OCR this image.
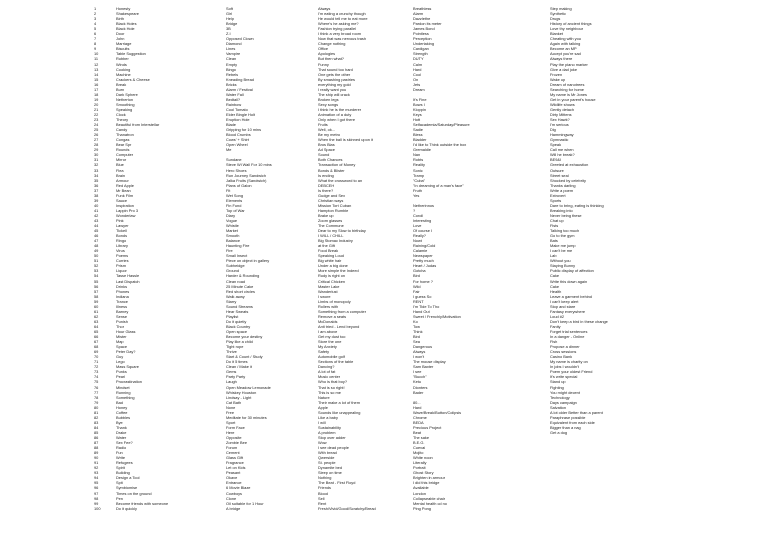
1
2
3
4
5
6
7
8
9
10
11
12
13
14
15
16
17
18
19
20
21
22
23
24
25
26
27
28
29
30
31
32
33
34
35
36
37
38
39
40
41
42
43
44
45
46
47
48
49
50
51
52
53
54
55
56
57
58
59
60
61
62
63
64
65
66
67
68
69
70
71
72
73
74
75
76
77
78
79
80
81
82
83
84
85
86
87
88
89
90
91
92
93
94
95
96
97
98
99
100
Honesty
Shakespeare
Birth
Black Holes
Black Hole
Door
John
Marriage
Biscuits
Table Suggestion
Rubber
Winds
Cooking
Machine
Crackers & Cheese
Break
Burn
Dark Sphere
Netherton
Smoothing
Speaking
Clock
Theory
Beautiful from Interstellar
Candy
Thanatron
Congas
Bear Spr
Rounds
Computer
Mirror
Blue
Flea
Brain
Armour
Red Apple
Mr Bean
Funk Film
Sauce
Inspiration
Lappin Pro 3
Wonderlaw
Pink
Lawyer
Tickell
Bonds
Ringo
Library
Virus
Poems
Curries
Prism
Liquor
Tasse Hassle
Last Dispatch
Drinks
Phones
Indiana
Trance
Illness
Barney
Sense
Punish
Thor
Hour Glass
Mister
Map
Space
Peter Day?
Guy
Lego
Mass Square
Punks
Pearl
Procrastination
Mindset
Running
Something
Bad
Honey
Coffee
Bubbles
Bye
Thank
Drake
Water
Sex Fee?
Radio
Fun
Write
Refugees
Spirit
Building
Design a Tool
Spit
Symbiomise
Times on the ground
Pen
Become friends with someone
Do it quickly
Soft
Girl
Help
Bridge
3B
Z.I
Opposed Clown
Diamond
Lines
Vampire
Clean
Empty
Bingo
Rebels
Kneading Bread
Bricks
Alarm / Festival
Water Fall
Bedtail?
Rainbow
Cool Tomato
Elder Bingle Holt
Eruption Hole
Blade
Gripping for 10 mins
Blood Crumbs
Cows' + Shirt
Open Wheel
Me
Sundane
Steve Wi Wall For 10 mins
Hero Shoes
Run Journey Sandwich
Jalka Fruits (Sandwich)
Plans of Galon
Fit
Wet Song
Elements
Fin Fund
Top of War
Diary
Vogue
Whistle
Market
Smooth
Balance
Haunting Fire
Fire
Small Insect
Piece on object in gallery
Subheidge
Ground
Harder & Rounding
Clean road
25 Minute Cake
Red short circles
Walk away
Starry
Sound Streams
Hear Sweats
Playlist
Do it quietly
Black Country
Open space
Become your destiny
Play like a child
Tight rope
Thrive
Start & Count / Study
Do it 5 times
Clean / Make it
Gems
Party Party
Laugh
Open Meadow Lemonade
Whiskey Houston
Lindsay - Light
Cat Bath
None
Free
Meditate for 30 minutes
Sport
Form Face
Here
Opposite
Zombie Bee
Forum
Cement
Glass Gift
Fragrance
Let on Kids
Peasant
Okave
Entrance
6 Movie Blaze
Cowboys
Clone
Oil suitable for 1 Hour
A bridge
Always
I'm eating a crunchy though
He would tell me to eat more
Where's he asking me?
Fashion trying parallel
I think a very broad room
Now that was nervous trash
Change nothing
Office
Apologies
But then what?
Funny
That sound too hard
One gets the other
By smashing pastries
everything my gold
I really want you
The ship will crack
Broken legs
Sexy songs
I think he is the murderer
Animation of a duty
Only when I got there
Fruits
Well, ok...
Be my metro
When the ball is skinned upon it
Bros Bias
Ad Space
Sound
Both Chances
Transaction of Money
Bonds & Blister
Is ending
What the crossword to an
DEBCEH
Is there?
Gudge and Sex
Christian ways
Mission Tort Cuban
Hampton Rumble
Brake up
Zoom glasses
The Commune
Dear to my Slow to birthday
I WILL / CHILL
Big Stomac Industry
at the Gift
Food Break
Speaking Loud
Big white hair
Under a big done
More simple the Indeed
Rudy is right on
Critical Chicken
Master Lake
Wanderlust
I swore
Limbs of monopoly
Rollers with
Something from a computer
Remove a seats
McDonalds
Anti tried - Lend beyond
I am above
Get my dust too
Store the one
My Anxiety
Safety
Automobile golf
Sections of the table
Dancing?
A lot of fat
Music center
Who is that boy?
That is so right!
This is so me
Nature
Their make a lot of them
Apple
Sounds like unappealing
Like a baby
I will
Sustainability
A problem
Stop over adder
Wow
I see dead people
With bread
Qwerside
St. people
Dynamite bed
Sleep on time
Nothing
The Beat - First Floyd
Friends
Blood
Sell
Rent
Fresh/Vivid/Good/Scratchy/Bread
Breathless
Alarm
Dazzlethe
Pardon its meter
James Bond
Pointless
Perception
Undertaking
Cardigan
Strength
DUTY
Calm
Hard
Cool
On
Jets
Dream
It's Fine
Bows I
Kloppin
Keys
Hott
Selfacademia/Saturday/Pleasure
Sadie
Bless
Bladder
I'd like to Think outside the box
Gremaldie
Nan
Robts
Reality
Sonic
Tramp
"Cuba"
"In dreaming of a man's face"
Fruth
Yes
Netherinnos
?
Coroll
Interesting
Love
Of course I
Really?
Nowt
Raining/Cold
Calamie
Newspaper
Pretty much
Heart / Judas
Gotcha
Bird
For home ?
Wild
Fair
I guess So
RENT
I'm Tide To Tho
Hand Out
Sweet / Frenchly/Motivation
Ko
Tow
Think
Bird
Sea
Dangerous
Always
I won't
The mouse display
Sam Baxter
I see
"Bucch"
Ketu
Dionters
Bader
80...
Hard
Wave/Break/Button/Colipsis
Chrome
BEDA
Precious Project
Beat
The sake
B.E.G.
Cuevai
Mojito
White noon
Literally
Portrait
Ghost Story
Brighten in armour
I did this bridge
Available
London
Collapseable chair
Mental health cd no
Ping Pong
Step making
Synthetic
Drugs
History of ancient things
Love thy neighbour
Blanket
Cheating with you
Again with talking
Become an MP
Accept you're sad
Always there
Play the piano marker
Give a dad joke
Frozen
Wake up
Dream of nanotrees
Searching for home
My name is Mr Jones
Get in your parent's house
Wildlife shows
Gently detach
Dirty Mittens
Sex Hawk?
I'm serious
Dig
Hammingway
Gymnastic
Speak
Call me when
Will he break?
BE9&I
Greeted at exhaustion
Outsure
Street seal
Shocked by celebrity
Thanks darling
Write a poem
Extrovert
Sports
Dare to bring, eating is thinking
Breaking into
Never being these
Chat up
Fists
Talking too much
Go to the gym
Bats
Make me jump
I can't be me
Lab
Without you
Staying Bunny
Public display of affection
Cake
Write this down again
Cake
Health
Leave a garment behind
I can't keep alert
Stop and stare
Fantasy everywhere
Loud #2
Don't keep a bird in these change
Fanity
Forget trial sentences
In a danger - Online
Fish
Propose a dinner
Cross sessions
Casino Bank
My name is charity on
In jobs I wouldn't
Poem your oldest Friend
It's write special
Stand up
Fighting
You might decent
Technology
Days campaign
Salvation
A lot older Better than a parent
Paraphrase possible
Equivalent from each side
Bigger than a nag
Get a dog
